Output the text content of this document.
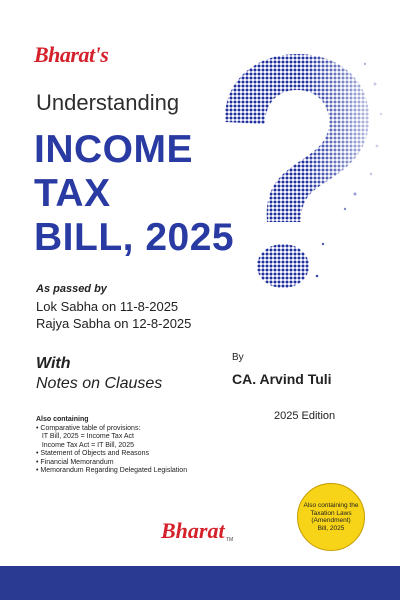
Bharat's
Understanding
INCOME
TAX
BILL, 2025
As passed by
Lok Sabha on 11-8-2025
Rajya Sabha on 12-8-2025
With
Notes on Clauses
By
CA. Arvind Tuli
2025 Edition
Also containing
• Comparative table of provisions:
IT Bill, 2025 = Income Tax Act
Income Tax Act = IT Bill, 2025
• Statement of Objects and Reasons
• Financial Memorandum
• Memorandum Regarding Delegated Legislation
Also containing the
Taxation Laws
(Amendment)
Bill, 2025
Bharat TM
